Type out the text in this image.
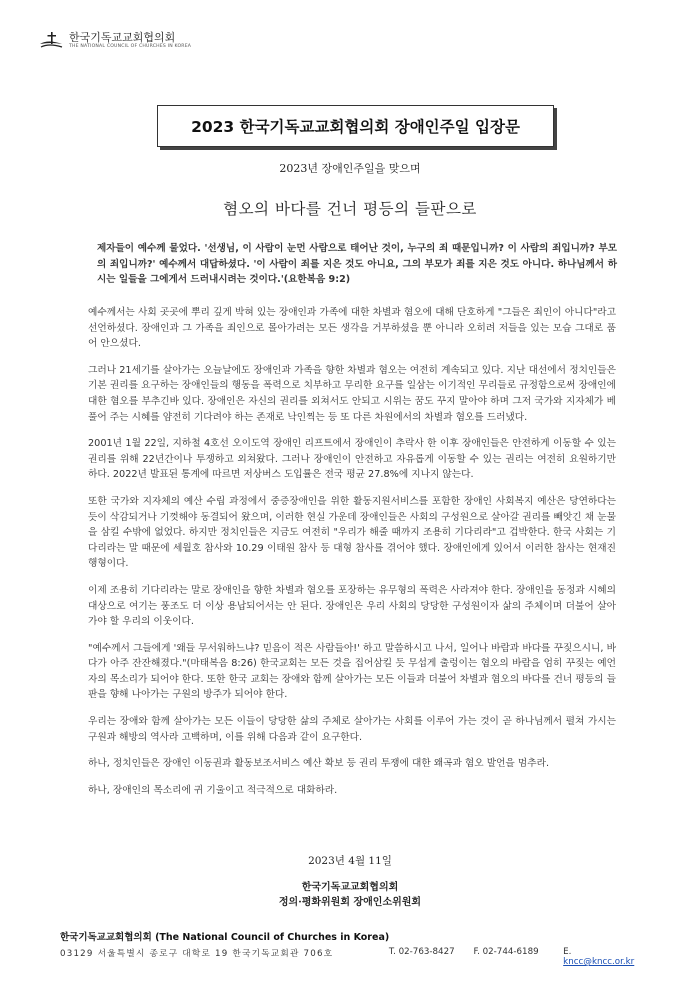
한국기독교교회협의회
THE NATIONAL COUNCIL OF CHURCHES IN KOREA
2023 한국기독교교회협의회 장애인주일 입장문
2023년 장애인주일을 맞으며
혐오의 바다를 건너 평등의 들판으로
제자들이 예수께 물었다. '선생님, 이 사람이 눈먼 사람으로 태어난 것이, 누구의 죄 때문입니까? 이 사람의 죄입니까? 부모의 죄입니까?' 예수께서 대답하셨다. '이 사람이 죄를 지은 것도 아니요, 그의 부모가 죄를 지은 것도 아니다. 하나님께서 하시는 일들을 그에게서 드러내시려는 것이다.'(요한복음 9:2)

예수께서는 사회 곳곳에 뿌리 깊게 박혀 있는 장애인과 가족에 대한 차별과 혐오에 대해 단호하게 "그들은 죄인이 아니다"라고 선언하셨다. 장애인과 그 가족을 죄인으로 몰아가려는 모든 생각을 거부하셨을 뿐 아니라 오히려 저들을 있는 모습 그대로 품어 안으셨다.

그러나 21세기를 살아가는 오늘날에도 장애인과 가족을 향한 차별과 혐오는 여전히 계속되고 있다. 지난 대선에서 정치인들은 기본 권리를 요구하는 장애인들의 행동을 폭력으로 치부하고 무리한 요구를 일삼는 이기적인 무리들로 규정함으로써 장애인에 대한 혐오를 부추긴바 있다. 장애인은 자신의 권리를 외쳐서도 안되고 시위는 꿈도 꾸지 말아야 하며 그저 국가와 지자체가 베풀어 주는 시혜를 얌전히 기다려야 하는 존재로 낙인찍는 등 또 다른 차원에서의 차별과 혐오를 드러냈다.

2001년 1월 22일, 지하철 4호선 오이도역 장애인 리프트에서 장애인이 추락사 한 이후 장애인들은 안전하게 이동할 수 있는 권리를 위해 22년간이나 투쟁하고 외쳐왔다. 그러나 장애인이 안전하고 자유롭게 이동할 수 있는 권리는 여전히 요원하기만 하다. 2022년 발표된 통계에 따르면 저상버스 도입률은 전국 평균 27.8%에 지나지 않는다.

또한 국가와 지자체의 예산 수립 과정에서 중증장애인을 위한 활동지원서비스를 포함한 장애인 사회복지 예산은 당연하다는 듯이 삭감되거나 기껏해야 동결되어 왔으며, 이러한 현실 가운데 장애인들은 사회의 구성원으로 살아갈 권리를 빼앗긴 채 눈물을 삼킬 수밖에 없었다. 하지만 정치인들은 지금도 여전히 "우리가 해줄 때까지 조용히 기다리라"고 겁박한다. 한국 사회는 기다리라는 말 때문에 세월호 참사와 10.29 이태원 참사 등 대형 참사를 겪어야 했다. 장애인에게 있어서 이러한 참사는 현재진행형이다.

이제 조용히 기다리라는 말로 장애인을 향한 차별과 혐오를 포장하는 유무형의 폭력은 사라져야 한다. 장애인을 동정과 시혜의 대상으로 여기는 풍조도 더 이상 용납되어서는 안 된다. 장애인은 우리 사회의 당당한 구성원이자 삶의 주체이며 더불어 살아가야 할 우리의 이웃이다.

"예수께서 그들에게 '왜들 무서워하느냐? 믿음이 적은 사람들아!' 하고 말씀하시고 나서, 일어나 바람과 바다를 꾸짖으시니, 바다가 아주 잔잔해졌다."(마태복음 8:26) 한국교회는 모든 것을 집어삼킬 듯 무섭게 출렁이는 혐오의 바람을 엄히 꾸짖는 예언자의 목소리가 되어야 한다. 또한 한국 교회는 장애와 함께 살아가는 모든 이들과 더불어 차별과 혐오의 바다를 건너 평등의 들판을 향해 나아가는 구원의 방주가 되어야 한다.

우리는 장애와 함께 살아가는 모든 이들이 당당한 삶의 주체로 살아가는 사회를 이루어 가는 것이 곧 하나님께서 펼쳐 가시는 구원과 해방의 역사라 고백하며, 이를 위해 다음과 같이 요구한다.

하나, 정치인들은 장애인 이동권과 활동보조서비스 예산 확보 등 권리 투쟁에 대한 왜곡과 혐오 발언을 멈추라.

하나, 장애인의 목소리에 귀 기울이고 적극적으로 대화하라.

2023년 4월 11일
한국기독교교회협의회
정의·평화위원회 장애인소위원회
한국기독교교회협의회 (The National Council of Churches in Korea)
03129 서울특별시 종로구 대학로 19 한국기독교회관 706호	T. 02-763-8427	F. 02-744-6189	E. kncc@kncc.or.kr
